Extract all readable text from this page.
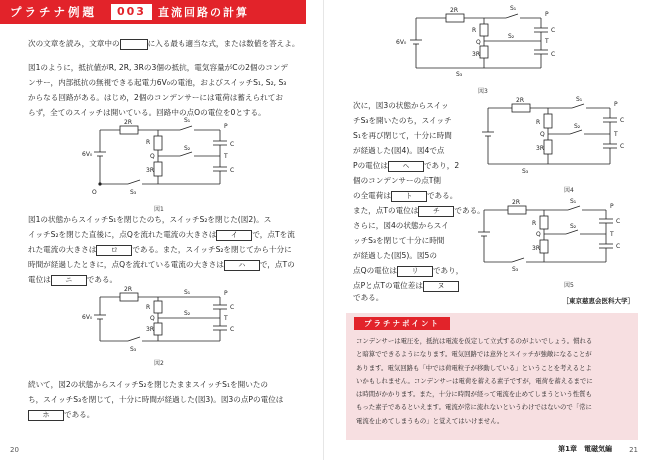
プラチナ例題	003	直流回路の計算
次の文章を読み，文章中の	に入る最も適当な式，または数値を答えよ。
図1のように，抵抗値がR, 2R, 3Rの3個の抵抗，電気容量がCの2個のコンデ
ンサー，内部抵抗の無視できる起電力6V₀の電池，およびスイッチS₁, S₂, S₃
からなる回路がある。はじめ，2個のコンデンサーには電荷は蓄えられてお
らず，全てのスイッチは開いている。回路中の点Oの電位を0とする。
2R
6V₀
S₁
S₂
S₃
R
3R
Q
P
T
C
C
O
図1
図1の状態からスイッチS₁を閉じたのち，スイッチS₂を閉じた(図2)。ス
イッチS₂を閉じた直後に，点Qを流れた電流の大きさは イ で，点Tを流
れた電流の大きさは ロ である。また，スイッチS₂を閉じてから十分に
時間が経過したときに，点Qを流れている電流の大きさは ハ で，点Tの
電位は ニ である。
2R
6V₀
S₁
S₂
S₃
R
3R
Q
P
T
C
C
図2
続いて，図2の状態からスイッチS₂を閉じたままスイッチS₁を開いたの
ち，スイッチS₃を閉じて，十分に時間が経過した(図3)。図3の点Pの電位は
ホ である。
20
2R
6V₀
S₁
S₂
S₃
R
3R
Q
P
T
C
C
図3
次に，図3の状態からスイッ
チS₃を開いたのち，スイッチ
S₁を再び閉じて，十分に時間
が経過した(図4)。図4で点
Pの電位は ヘ であり，2
個のコンデンサーの点T側
の全電荷は ト である。
また，点Tの電位は チ である。
さらに，図4の状態からスイ
ッチS₃を閉じて十分に時間
が経過した(図5)。図5の
点Qの電位は リ であり，
点Pと点Tの電位差は ヌ
である。
2R	S₁
S₂
S₃
R
3R
Q
P
T
C
C
図4
2R	S₁
S₂
S₃
R
3R
Q
P
T
C
C
図5
［東京慈恵会医科大学］
プラチナポイント
コンデンサーは電圧を，抵抗は電流を仮定して立式するのがよいでしょう。慣れる
と暗算でできるようになります。電気回路では意外とスイッチが強敵になることが
あります。電気回路も「中では荷電粒子が移動している」ということを考えるとよ
いかもしれません。コンデンサーは電荷を蓄える素子ですが，電荷を蓄えるまでに
は時間がかかります。また，十分に時間が経って電流を止めてしまうという性質も
もった素子であるといえます。電流が常に流れないというわけではないので「常に
電流を止めてしまうもの」と覚えてはいけません。
第1章　電磁気編 21
